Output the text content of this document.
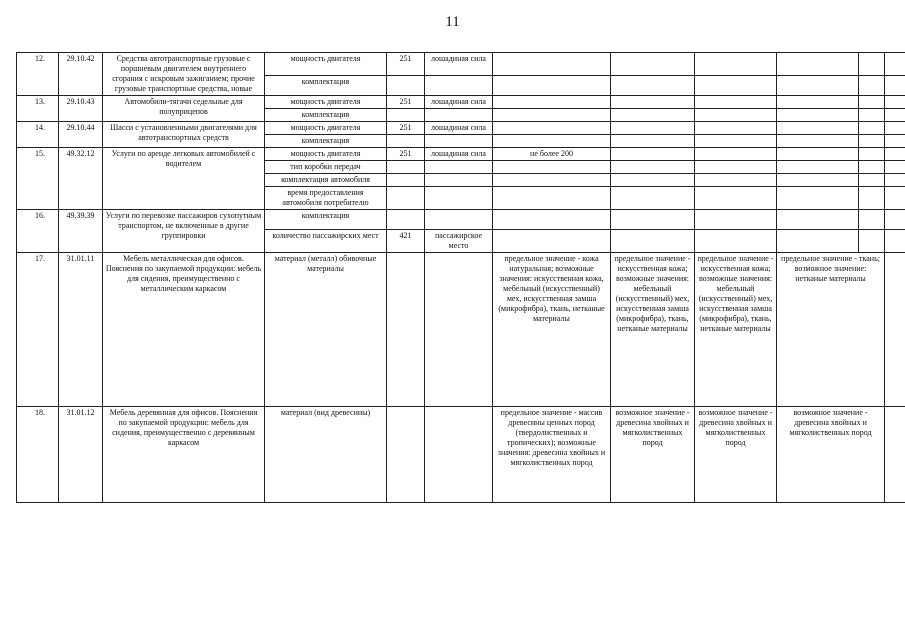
11
12.	29.10.42	Средства автотранспортные грузовые с поршневым двигателем внутреннего сгорания с искровым зажиганием; прочие грузовые транспортные средства, новые	мощность двигателя	251	лошадиная сила						
			комплектация								
13.	29.10.43	Автомобили-тягачи седельные для полуприцепов	мощность двигателя	251	лошадиная сила						
			комплектация								
14.	29.10.44	Шасси с установленными двигателями для автотранспортных средств	мощность двигателя	251	лошадиная сила						
			комплектация								
15.	49.32.12	Услуги по аренде легковых автомобилей с водителем	мощность двигателя	251	лошадиная сила	не более 200					
			тип коробки передач								
			комплектация автомобиля								
			время предоставления автомобиля потребителю								
16.	49.39.39	Услуги по перевозке пассажиров сухопутным транспортом, не включенные в другие группировки	комплектация								
			количество пассажирских мест	421	пассажирское место						
17.	31.01.11	Мебель металлическая для офисов. Пояснения по закупаемой продукции: мебель для сидения, преимущественно с металлическим каркасом	материал (металл) обивочные материалы			предельное значение - кожа натуральная; возможные значения: искусственная кожа, мебельный (искусственный) мех, искусственная замша (микрофибра), ткань, нетканые материалы	предельное значение - искусственная кожа; возможные значения: мебельный (искусственный) мех, искусственная замша (микрофибра), ткань, нетканые материалы	предельное значение - искусственная кожа; возможные значения: мебельный (искусственный) мех, искусственная замша (микрофибра), ткань, нетканые материалы	предельное значение - ткань; возможное значение: нетканые материалы		
18.	31.01.12	Мебель деревянная для офисов. Пояснения по закупаемой продукции: мебель для сидения, преимущественно с деревянным каркасом	материал (вид древесины)			предельное значение - массив древесины ценных пород (твердолиственных и тропических); возможные значения: древесина хвойных и мягколиственных пород	возможное значение - древесина хвойных и мягколиственных пород	возможное значение - древесина хвойных и мягколиственных пород	возможное значение - древесина хвойных и мягколиственных пород		
